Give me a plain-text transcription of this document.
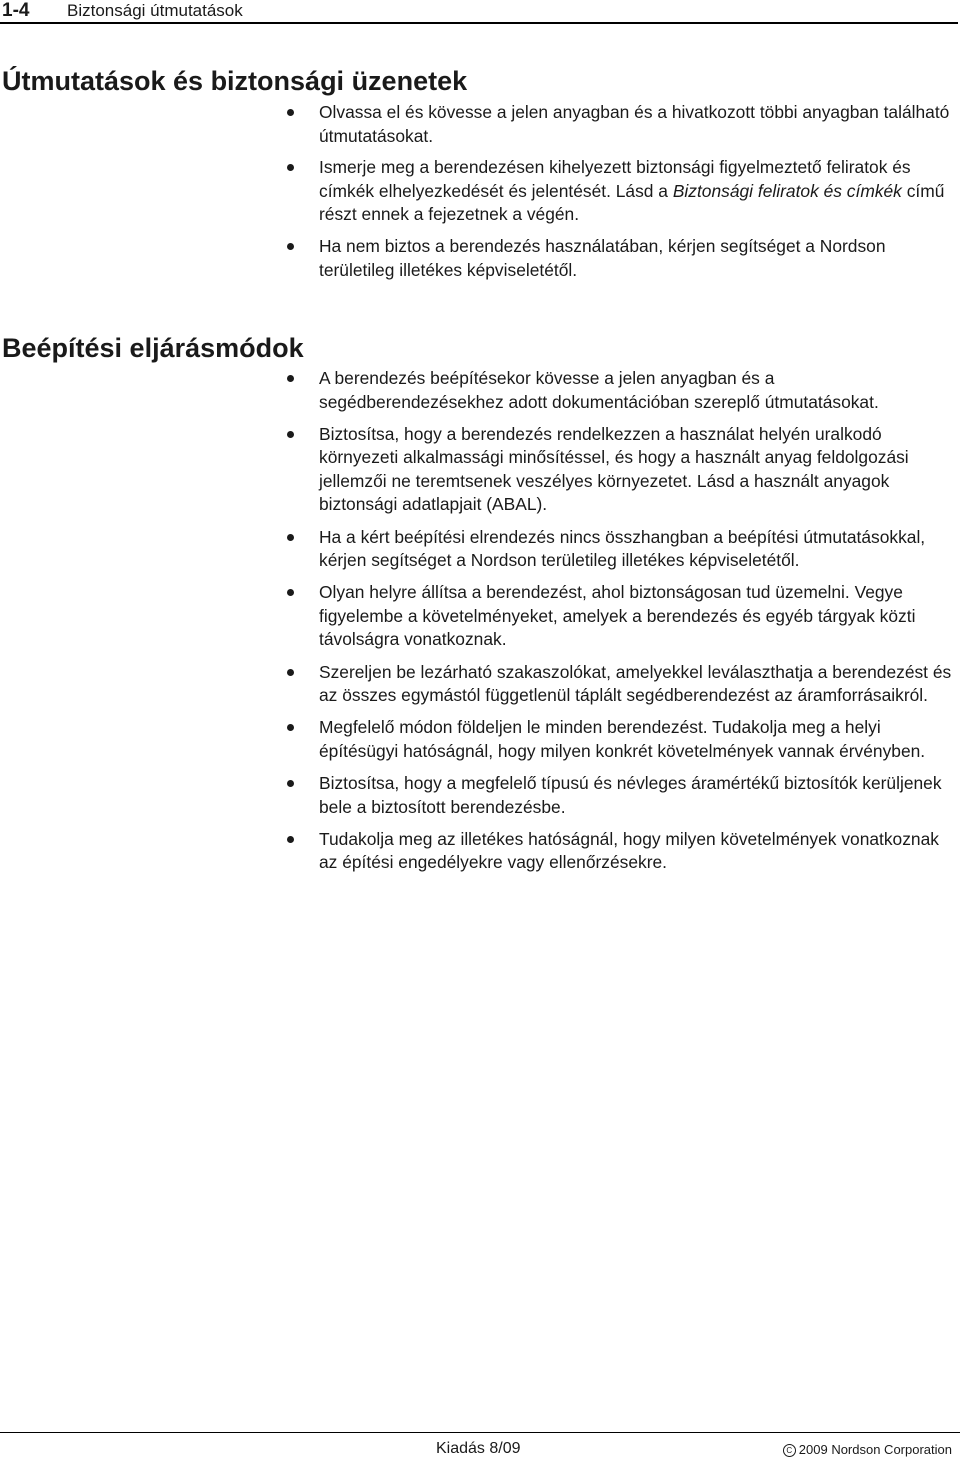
1-4 Biztonsági útmutatások
Útmutatások és biztonsági üzenetek
Olvassa el és kövesse a jelen anyagban és a hivatkozott többi anyagban található útmutatásokat.
Ismerje meg a berendezésen kihelyezett biztonsági figyelmeztető feliratok és címkék elhelyezkedését és jelentését. Lásd a Biztonsági feliratok és címkék című részt ennek a fejezetnek a végén.
Ha nem biztos a berendezés használatában, kérjen segítséget a Nordson területileg illetékes képviseletétől.
Beépítési eljárásmódok
A berendezés beépítésekor kövesse a jelen anyagban és a segédberendezésekhez adott dokumentációban szereplő útmutatásokat.
Biztosítsa, hogy a berendezés rendelkezzen a használat helyén uralkodó környezeti alkalmassági minősítéssel, és hogy a használt anyag feldolgozási jellemzői ne teremtsenek veszélyes környezetet. Lásd a használt anyagok biztonsági adatlapjait (ABAL).
Ha a kért beépítési elrendezés nincs összhangban a beépítési útmutatásokkal, kérjen segítséget a Nordson területileg illetékes képviseletétől.
Olyan helyre állítsa a berendezést, ahol biztonságosan tud üzemelni. Vegye figyelembe a követelményeket, amelyek a berendezés és egyéb tárgyak közti távolságra vonatkoznak.
Szereljen be lezárható szakaszolókat, amelyekkel leválaszthatja a berendezést és az összes egymástól függetlenül táplált segédberendezést az áramforrásaikról.
Megfelelő módon földeljen le minden berendezést. Tudakolja meg a helyi építésügyi hatóságnál, hogy milyen konkrét követelmények vannak érvényben.
Biztosítsa, hogy a megfelelő típusú és névleges áramértékű biztosítók kerüljenek bele a biztosított berendezésbe.
Tudakolja meg az illetékes hatóságnál, hogy milyen követelmények vonatkoznak az építési engedélyekre vagy ellenőrzésekre.
Kiadás 8/09	C 2009 Nordson Corporation
